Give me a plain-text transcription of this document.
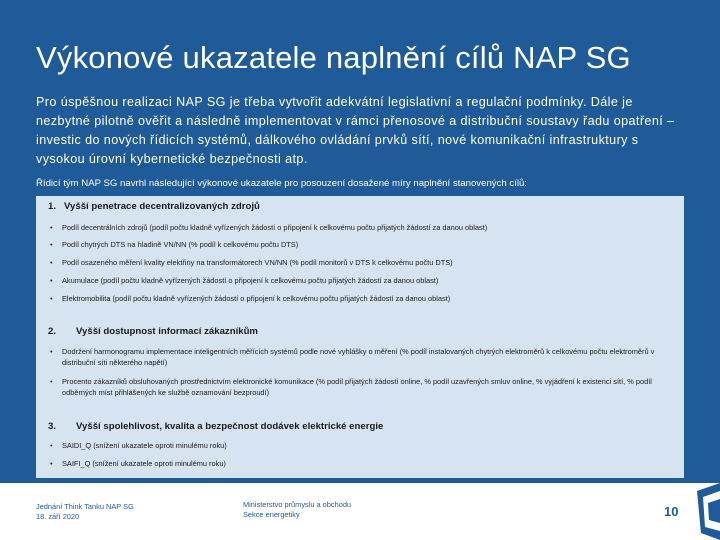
Výkonové ukazatele naplnění cílů NAP SG
Pro úspěšnou realizaci NAP SG je třeba vytvořit adekvátní legislativní a regulační podmínky. Dále je nezbytné pilotně ověřit a následně implementovat v rámci přenosové a distribuční soustavy řadu opatření – investic do nových řídicích systémů, dálkového ovládání prvků sítí, nové komunikační infrastruktury s vysokou úrovní kybernetické bezpečnosti atp.
Řídicí tým NAP SG navrhl následující výkonové ukazatele pro posouzení dosažené míry naplnění stanovených cílů:
1. Vyšší penetrace decentralizovaných zdrojů
• Podíl decentrálních zdrojů (podíl počtu kladně vyřízených žádostí o připojení k celkovému počtu přijatých žádostí za danou oblast)
• Podíl chytrých DTS na hladině VN/NN (% podíl k celkovému počtu DTS)
• Podíl osazeného měření kvality elektřiny na transformátorech VN/NN (% podíl monitorů v DTS k celkovému počtu DTS)
• Akumulace (podíl počtu kladně vyřízených žádostí o připojení k celkovému počtu přijatých žádostí za danou oblast)
• Elektromobilita (podíl počtu kladně vyřízených žádostí o připojení k celkovému počtu přijatých žádostí za danou oblast)
2. Vyšší dostupnost informací zákazníkům
• Dodržení harmonogramu implementace inteligentních měřících systémů podle nové vyhlášky o měření (% podíl instalovaných chytrých elektroměrů k celkovému počtu elektroměrů v distribuční síti některého napětí)
• Procento zákazníků obsluhovaných prostřednictvím elektronické komunikace (% podíl přijatých žádostí online, % podíl uzavřených smluv online, % vyjádření k existenci sítí, % podíl odběrných míst přihlášených ke službě oznamování bezproudí)
3. Vyšší spolehlivost, kvalita a bezpečnost dodávek elektrické energie
• SAIDI_Q (snížení ukazatele oproti minulému roku)
• SAIFI_Q (snížení ukazatele oproti minulému roku)
Jednání Think Tanku NAP SG
18. září 2020
Ministerstvo průmyslu a obchodu
Sekce energetiky	10
